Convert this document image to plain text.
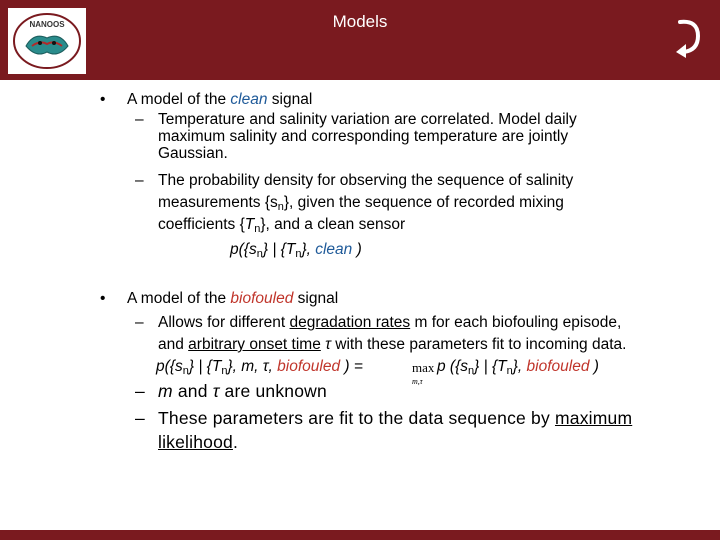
NANOOS	Models
• A model of the clean signal
– Temperature and salinity variation are correlated. Model daily
maximum salinity and corresponding temperature are jointly
Gaussian.
– The probability density for observing the sequence of salinity
measurements $\{s_n\}$, given the sequence of recorded mixing
coefficients $\{T_n\}$, and a clean sensor
$p(\{s_n\}$ | $\{T_n\}$, clean )
• A model of the biofouled signal
– Allows for different degradation rates m for each biofouling episode,
and arbitrary onset time τ with these parameters fit to incoming data.
$p(\{s_n\}$ | $\{T_n\}$, m, τ, biofouled ) =	max
m,τ
p ($\{s_n\}$ | $\{T_n\}$, biofouled )
– m and τ are unknown
– These parameters are fit to the data sequence by maximum
likelihood.
